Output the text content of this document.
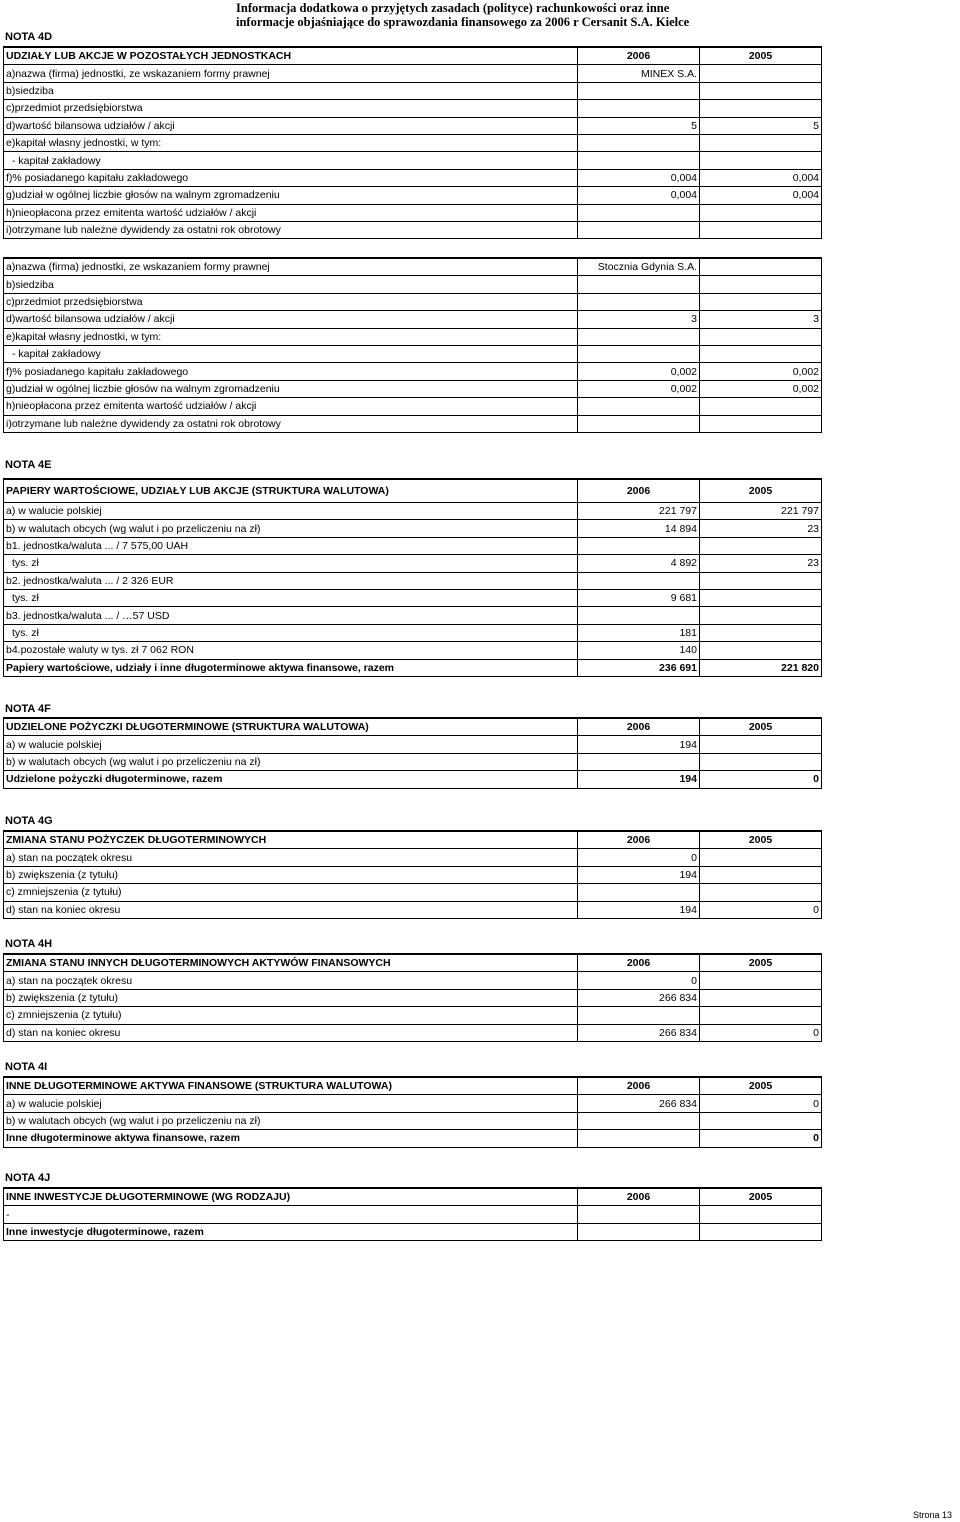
Informacja dodatkowa o przyjętych zasadach (polityce) rachunkowości oraz inne
informacje objaśniające do sprawozdania finansowego za 2006 r Cersanit S.A. Kielce
NOTA 4D
UDZIAŁY LUB AKCJE W POZOSTAŁYCH JEDNOSTKACH	2006	2005
a)nazwa (firma) jednostki, ze wskazaniem formy prawnej	MINEX S.A.	
b)siedziba		
c)przedmiot przedsiębiorstwa		
d)wartość bilansowa udziałów / akcji	5	5
e)kapitał własny jednostki, w tym:		
- kapitał zakładowy		
f)% posiadanego kapitału zakładowego	0,004	0,004
g)udział w ogólnej liczbie głosów na walnym zgromadzeniu	0,004	0,004
h)nieopłacona przez emitenta wartość udziałów / akcji		
i)otrzymane lub należne dywidendy za ostatni rok obrotowy		
a)nazwa (firma) jednostki, ze wskazaniem formy prawnej	Stocznia Gdynia S.A.	
b)siedziba		
c)przedmiot przedsiębiorstwa		
d)wartość bilansowa udziałów / akcji	3	3
e)kapitał własny jednostki, w tym:		
- kapitał zakładowy		
f)% posiadanego kapitału zakładowego	0,002	0,002
g)udział w ogólnej liczbie głosów na walnym zgromadzeniu	0,002	0,002
h)nieopłacona przez emitenta wartość udziałów / akcji		
i)otrzymane lub należne dywidendy za ostatni rok obrotowy		
NOTA 4E
PAPIERY WARTOŚCIOWE, UDZIAŁY LUB AKCJE (STRUKTURA WALUTOWA)	2006	2005
a) w walucie polskiej	221 797	221 797
b) w walutach obcych (wg walut i po przeliczeniu na zł)	14 894	23
b1. jednostka/waluta ... / 7 575,00 UAH		
tys. zł	4 892	23
b2. jednostka/waluta ... / 2 326 EUR		
tys. zł	9 681	
b3. jednostka/waluta ... / …57 USD		
tys. zł	181	
b4.pozostałe waluty w tys. zł 7 062 RON	140	
Papiery wartościowe, udziały i inne długoterminowe aktywa finansowe, razem	236 691	221 820
NOTA 4F
UDZIELONE POŻYCZKI DŁUGOTERMINOWE (STRUKTURA WALUTOWA)	2006	2005
a) w walucie polskiej	194	
b) w walutach obcych (wg walut i po przeliczeniu na zł)		
Udzielone pożyczki długoterminowe, razem	194	0
NOTA 4G
ZMIANA STANU POŻYCZEK DŁUGOTERMINOWYCH	2006	2005
a) stan na początek okresu	0	
b) zwiększenia (z tytułu)	194	
c) zmniejszenia (z tytułu)		
d) stan na koniec okresu	194	0
NOTA 4H
ZMIANA STANU INNYCH DŁUGOTERMINOWYCH AKTYWÓW FINANSOWYCH	2006	2005
a) stan na początek okresu	0	
b) zwiększenia (z tytułu)	266 834	
c) zmniejszenia (z tytułu)		
d) stan na koniec okresu	266 834	0
NOTA 4I
INNE DŁUGOTERMINOWE AKTYWA FINANSOWE (STRUKTURA WALUTOWA)	2006	2005
a) w walucie polskiej	266 834	0
b) w walutach obcych (wg walut i po przeliczeniu na zł)		
Inne długoterminowe aktywa finansowe, razem		0
NOTA 4J
INNE INWESTYCJE DŁUGOTERMINOWE (WG RODZAJU)	2006	2005
-		
Inne inwestycje długoterminowe, razem		
Strona 13
